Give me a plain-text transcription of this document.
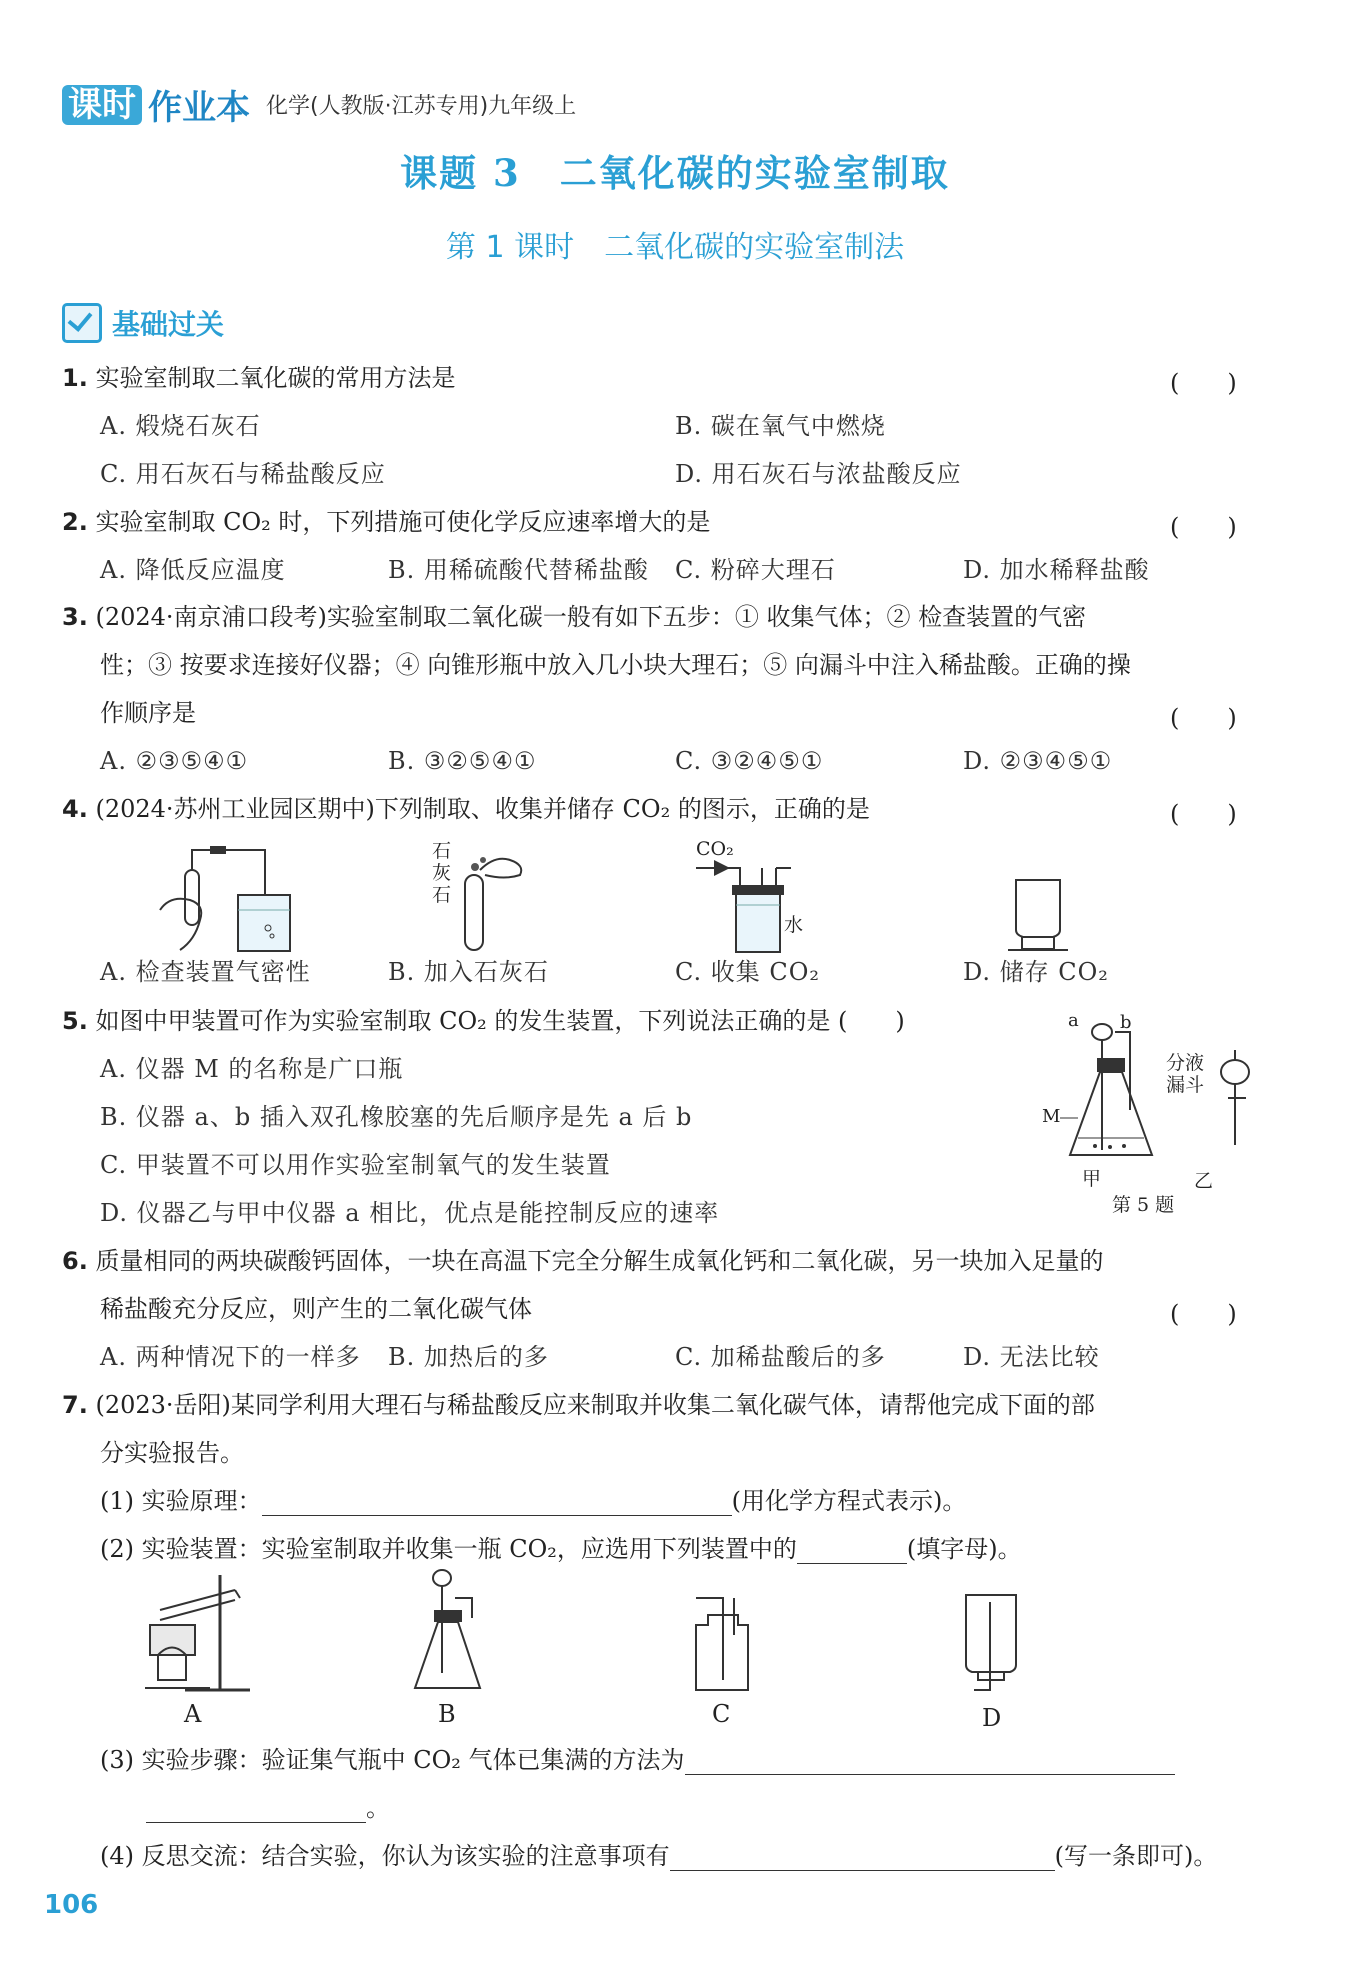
课时 作业本 化学(人教版·江苏专用)九年级上
课题 3　二氧化碳的实验室制取
第 1 课时　二氧化碳的实验室制法
基础过关
1. 实验室制取二氧化碳的常用方法是	(　　)
A. 煅烧石灰石	B. 碳在氧气中燃烧
C. 用石灰石与稀盐酸反应	D. 用石灰石与浓盐酸反应
2. 实验室制取 CO₂ 时，下列措施可使化学反应速率增大的是	(　　)
A. 降低反应温度	B. 用稀硫酸代替稀盐酸 C. 粉碎大理石	D. 加水稀释盐酸
3. (2024·南京浦口段考)实验室制取二氧化碳一般有如下五步：① 收集气体；② 检查装置的气密
性；③ 按要求连接好仪器；④ 向锥形瓶中放入几小块大理石；⑤ 向漏斗中注入稀盐酸。正确的操
作顺序是	(　　)
A. ②③⑤④①	B. ③②⑤④①	C. ③②④⑤①	D. ②③④⑤①
4. (2024·苏州工业园区期中)下列制取、收集并储存 CO₂ 的图示，正确的是	(　　)
A. 检查装置气密性
石灰石
B. 加入石灰石
CO₂
水
C. 收集 CO₂	D. 储存 CO₂
5. 如图中甲装置可作为实验室制取 CO₂ 的发生装置，下列说法正确的是 (　　)
A. 仪器 M 的名称是广口瓶
B. 仪器 a、b 插入双孔橡胶塞的先后顺序是先 a 后 b
C. 甲装置不可以用作实验室制氧气的发生装置
D. 仪器乙与甲中仪器 a 相比，优点是能控制反应的速率
a b
M
分液
漏斗
甲	乙
第 5 题
6. 质量相同的两块碳酸钙固体，一块在高温下完全分解生成氧化钙和二氧化碳，另一块加入足量的
稀盐酸充分反应，则产生的二氧化碳气体	(　　)
A. 两种情况下的一样多 B. 加热后的多	C. 加稀盐酸后的多	D. 无法比较
7. (2023·岳阳)某同学利用大理石与稀盐酸反应来制取并收集二氧化碳气体，请帮他完成下面的部
分实验报告。
(1) 实验原理：	(用化学方程式表示)。
(2) 实验装置：实验室制取并收集一瓶 CO₂，应选用下列装置中的	(填字母)。
A	B	C	D
(3) 实验步骤：验证集气瓶中 CO₂ 气体已集满的方法为
。
(4) 反思交流：结合实验，你认为该实验的注意事项有	(写一条即可)。
106
